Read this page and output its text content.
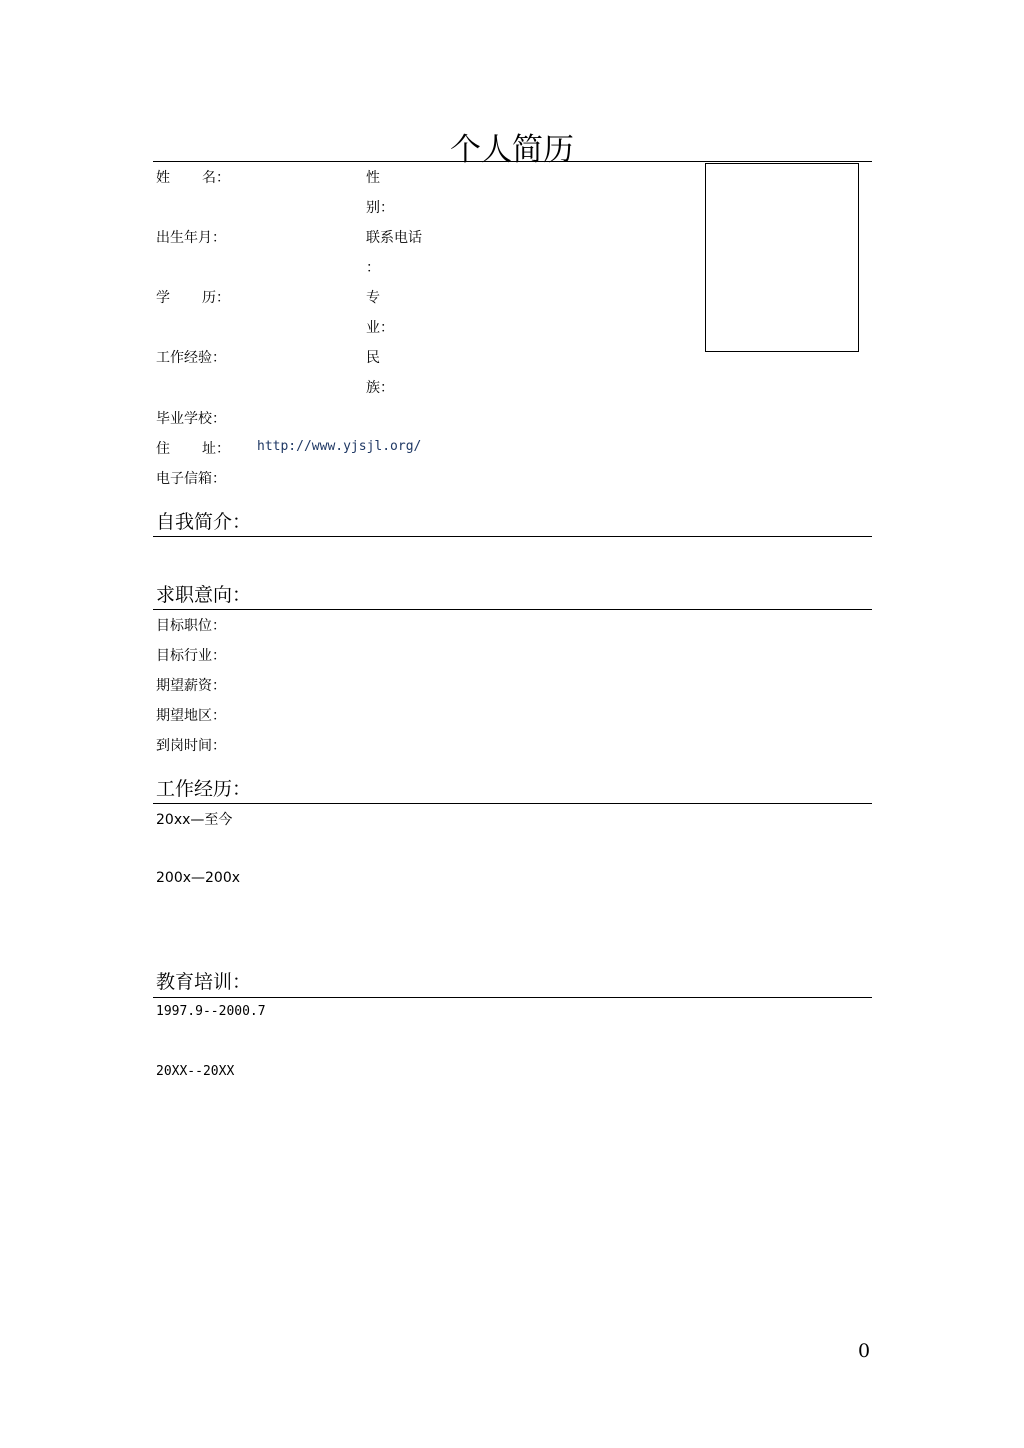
个人简历
姓 名：	性
别：
出生年月：	联系电话
：
学 历：	专
业：
工作经验：	民
族：
毕业学校：
住 址： http://www.yjsjl.org/
电子信箱：
自我简介：
求职意向：
目标职位：
目标行业：
期望薪资：
期望地区：
到岗时间：
工作经历：
20xx—至今
200x—200x
教育培训：
1997.9--2000.7
20XX--20XX
0
